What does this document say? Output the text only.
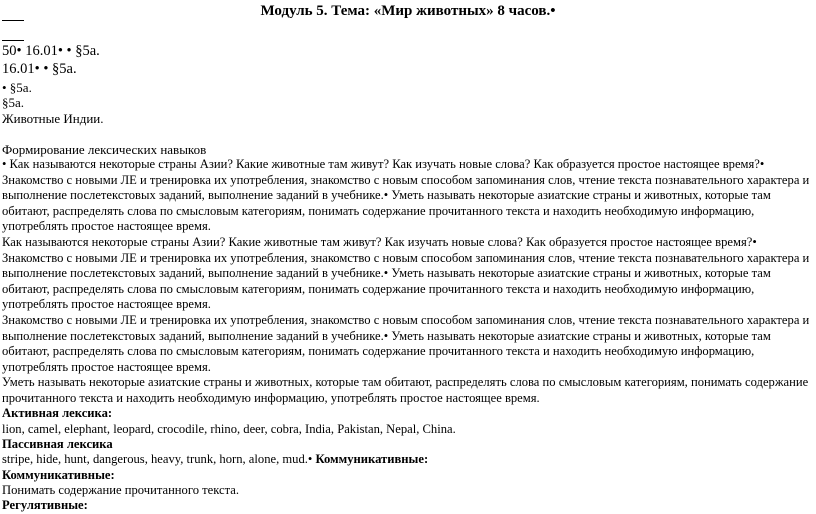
Модуль 5. Тема: «Мир животных» 8 часов.•
50• 16.01• • §5а.
16.01• • §5а.
• §5а.
§5а.
Животные Индии.
Формирование лексических навыков
• Как называются некоторые страны Азии? Какие животные там живут? Как изучать новые слова? Как образуется простое настоящее время?• Знакомство с новыми ЛЕ и тренировка их употребления, знакомство с новым способом запоминания слов, чтение текста познавательного характера и выполнение послетекстовых заданий, выполнение заданий в учебнике.• Уметь называть некоторые азиатские страны и животных, которые там обитают, распределять слова по смысловым категориям, понимать содержание прочитанного текста и находить необходимую информацию, употреблять простое настоящее время.
Как называются некоторые страны Азии? Какие животные там живут? Как изучать новые слова? Как образуется простое настоящее время?• Знакомство с новыми ЛЕ и тренировка их употребления, знакомство с новым способом запоминания слов, чтение текста познавательного характера и выполнение послетекстовых заданий, выполнение заданий в учебнике.• Уметь называть некоторые азиатские страны и животных, которые там обитают, распределять слова по смысловым категориям, понимать содержание прочитанного текста и находить необходимую информацию, употреблять простое настоящее время.
Знакомство с новыми ЛЕ и тренировка их употребления, знакомство с новым способом запоминания слов, чтение текста познавательного характера и выполнение послетекстовых заданий, выполнение заданий в учебнике.• Уметь называть некоторые азиатские страны и животных, которые там обитают, распределять слова по смысловым категориям, понимать содержание прочитанного текста и находить необходимую информацию, употреблять простое настоящее время.
Уметь называть некоторые азиатские страны и животных, которые там обитают, распределять слова по смысловым категориям, понимать содержание прочитанного текста и находить необходимую информацию, употреблять простое настоящее время.
Активная лексика:
lion, camel, elephant, leopard, crocodile, rhino, deer, cobra, India, Pakistan, Nepal, China.
Пассивная лексика
stripe, hide, hunt, dangerous, heavy, trunk, horn, alone, mud.• Коммуникативные:
Коммуникативные:
Понимать содержание прочитанного текста.
Регулятивные:
